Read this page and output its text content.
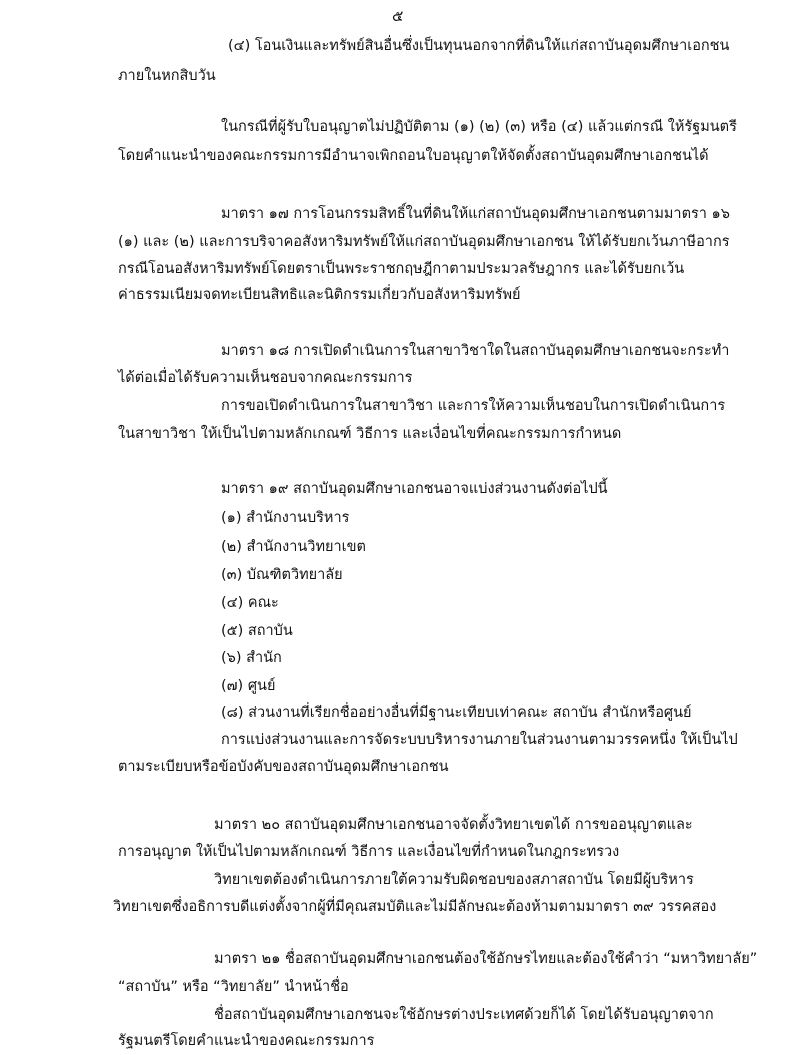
๕
(๔) โอนเงินและทรัพย์สินอื่นซึ่งเป็นทุนนอกจากที่ดินให้แก่สถาบันอุดมศึกษาเอกชน
ภายในหกสิบวัน
ในกรณีที่ผู้รับใบอนุญาตไม่ปฏิบัติตาม (๑) (๒) (๓) หรือ (๔) แล้วแต่กรณี ให้รัฐมนตรี
โดยคำแนะนำของคณะกรรมการมีอำนาจเพิกถอนใบอนุญาตให้จัดตั้งสถาบันอุดมศึกษาเอกชนได้
มาตรา ๑๗ การโอนกรรมสิทธิ์ในที่ดินให้แก่สถาบันอุดมศึกษาเอกชนตามมาตรา ๑๖
(๑) และ (๒) และการบริจาคอสังหาริมทรัพย์ให้แก่สถาบันอุดมศึกษาเอกชน ให้ได้รับยกเว้นภาษีอากร
กรณีโอนอสังหาริมทรัพย์โดยตราเป็นพระราชกฤษฎีกาตามประมวลรัษฎากร และได้รับยกเว้น
ค่าธรรมเนียมจดทะเบียนสิทธิและนิติกรรมเกี่ยวกับอสังหาริมทรัพย์
มาตรา ๑๘ การเปิดดำเนินการในสาขาวิชาใดในสถาบันอุดมศึกษาเอกชนจะกระทำ
ได้ต่อเมื่อได้รับความเห็นชอบจากคณะกรรมการ
การขอเปิดดำเนินการในสาขาวิชา และการให้ความเห็นชอบในการเปิดดำเนินการ
ในสาขาวิชา ให้เป็นไปตามหลักเกณฑ์ วิธีการ และเงื่อนไขที่คณะกรรมการกำหนด
มาตรา ๑๙ สถาบันอุดมศึกษาเอกชนอาจแบ่งส่วนงานดังต่อไปนี้
(๑) สำนักงานบริหาร
(๒) สำนักงานวิทยาเขต
(๓) บัณฑิตวิทยาลัย
(๔) คณะ
(๕) สถาบัน
(๖) สำนัก
(๗) ศูนย์
(๘) ส่วนงานที่เรียกชื่ออย่างอื่นที่มีฐานะเทียบเท่าคณะ สถาบัน สำนักหรือศูนย์
การแบ่งส่วนงานและการจัดระบบบริหารงานภายในส่วนงานตามวรรคหนึ่ง ให้เป็นไป
ตามระเบียบหรือข้อบังคับของสถาบันอุดมศึกษาเอกชน
มาตรา ๒๐ สถาบันอุดมศึกษาเอกชนอาจจัดตั้งวิทยาเขตได้ การขออนุญาตและ
การอนุญาต ให้เป็นไปตามหลักเกณฑ์ วิธีการ และเงื่อนไขที่กำหนดในกฎกระทรวง
วิทยาเขตต้องดำเนินการภายใต้ความรับผิดชอบของสภาสถาบัน โดยมีผู้บริหาร
วิทยาเขตซึ่งอธิการบดีแต่งตั้งจากผู้ที่มีคุณสมบัติและไม่มีลักษณะต้องห้ามตามมาตรา ๓๙ วรรคสอง
มาตรา ๒๑ ชื่อสถาบันอุดมศึกษาเอกชนต้องใช้อักษรไทยและต้องใช้คำว่า “มหาวิทยาลัย”
“สถาบัน” หรือ “วิทยาลัย” นำหน้าชื่อ
ชื่อสถาบันอุดมศึกษาเอกชนจะใช้อักษรต่างประเทศด้วยก็ได้ โดยได้รับอนุญาตจาก
รัฐมนตรีโดยคำแนะนำของคณะกรรมการ
